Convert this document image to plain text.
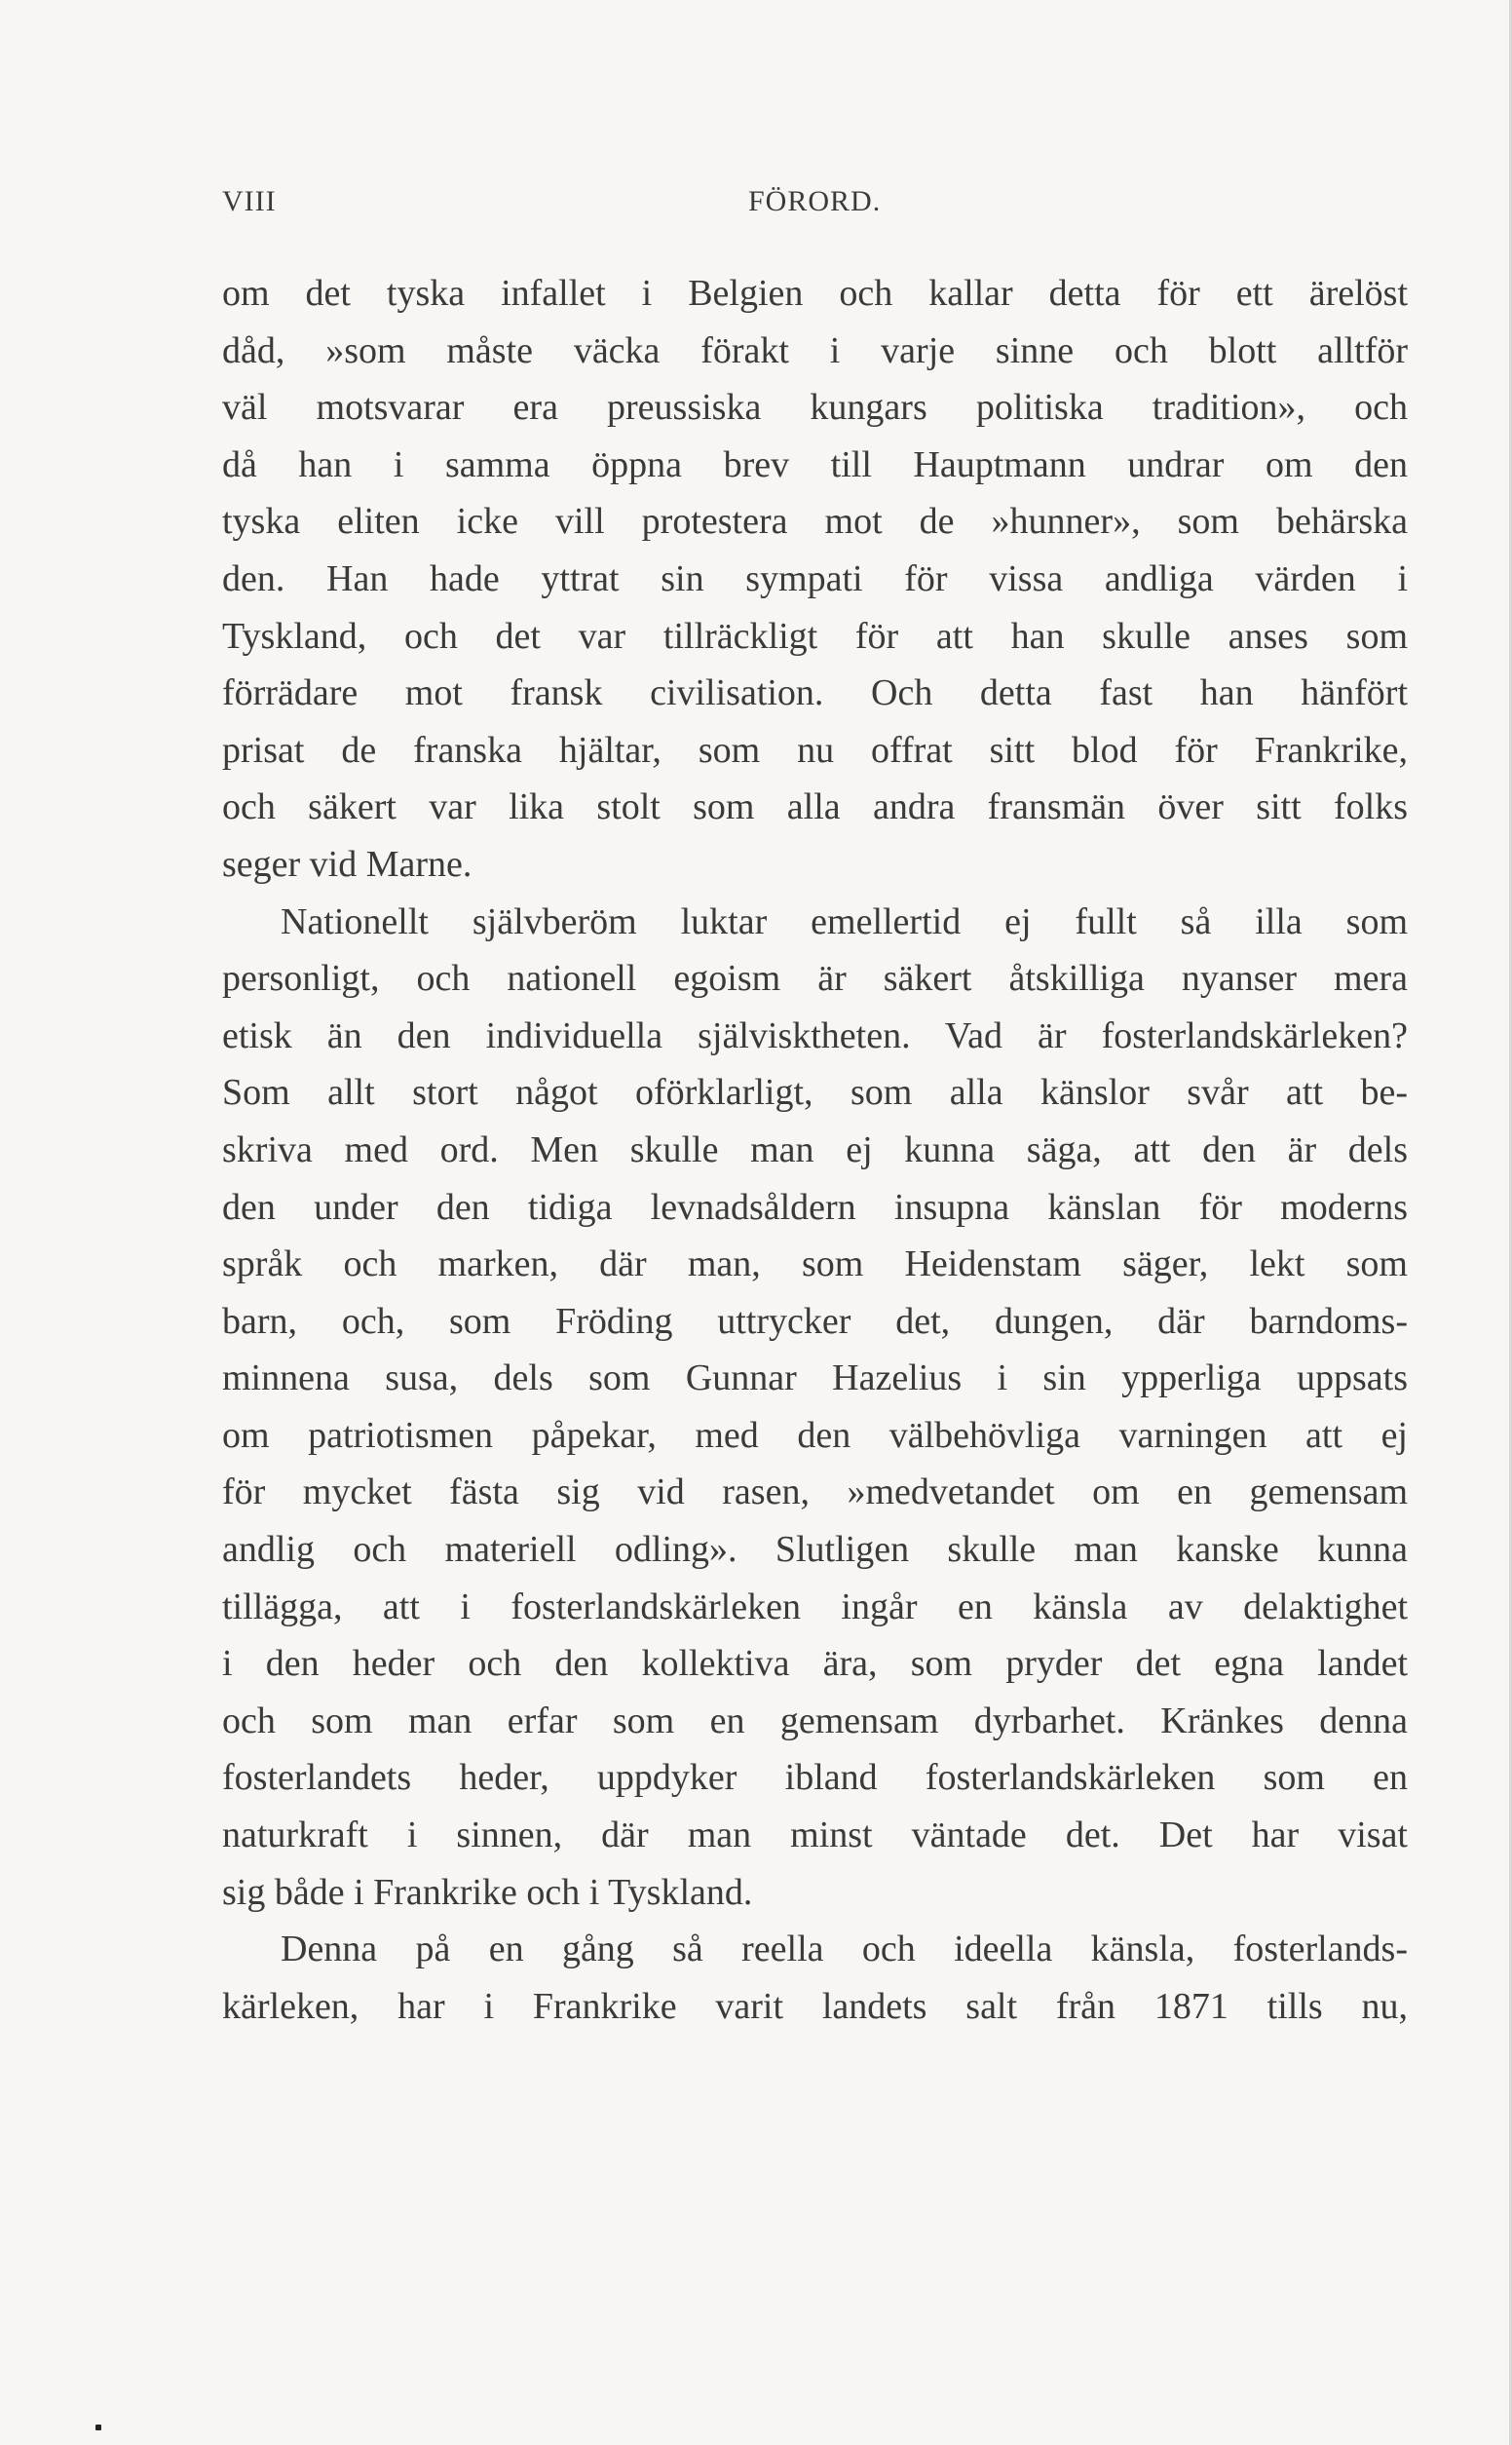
VIII	FÖRORD.
om det tyska infallet i Belgien och kallar detta för ett ärelöst
dåd, »som måste väcka förakt i varje sinne och blott alltför
väl motsvarar era preussiska kungars politiska tradition», och
då han i samma öppna brev till Hauptmann undrar om den
tyska eliten icke vill protestera mot de »hunner», som behärska
den. Han hade yttrat sin sympati för vissa andliga värden i
Tyskland, och det var tillräckligt för att han skulle anses som
förrädare mot fransk civilisation. Och detta fast han hänfört
prisat de franska hjältar, som nu offrat sitt blod för Frankrike,
och säkert var lika stolt som alla andra fransmän över sitt folks
seger vid Marne.
Nationellt självberöm luktar emellertid ej fullt så illa som
personligt, och nationell egoism är säkert åtskilliga nyanser mera
etisk än den individuella självisktheten. Vad är fosterlandskärleken?
Som allt stort något oförklarligt, som alla känslor svår att be-
skriva med ord. Men skulle man ej kunna säga, att den är dels
den under den tidiga levnadsåldern insupna känslan för moderns
språk och marken, där man, som Heidenstam säger, lekt som
barn, och, som Fröding uttrycker det, dungen, där barndoms-
minnena susa, dels som Gunnar Hazelius i sin ypperliga uppsats
om patriotismen påpekar, med den välbehövliga varningen att ej
för mycket fästa sig vid rasen, »medvetandet om en gemensam
andlig och materiell odling». Slutligen skulle man kanske kunna
tillägga, att i fosterlandskärleken ingår en känsla av delaktighet
i den heder och den kollektiva ära, som pryder det egna landet
och som man erfar som en gemensam dyrbarhet. Kränkes denna
fosterlandets heder, uppdyker ibland fosterlandskärleken som en
naturkraft i sinnen, där man minst väntade det. Det har visat
sig både i Frankrike och i Tyskland.
Denna på en gång så reella och ideella känsla, fosterlands-
kärleken, har i Frankrike varit landets salt från 1871 tills nu,
